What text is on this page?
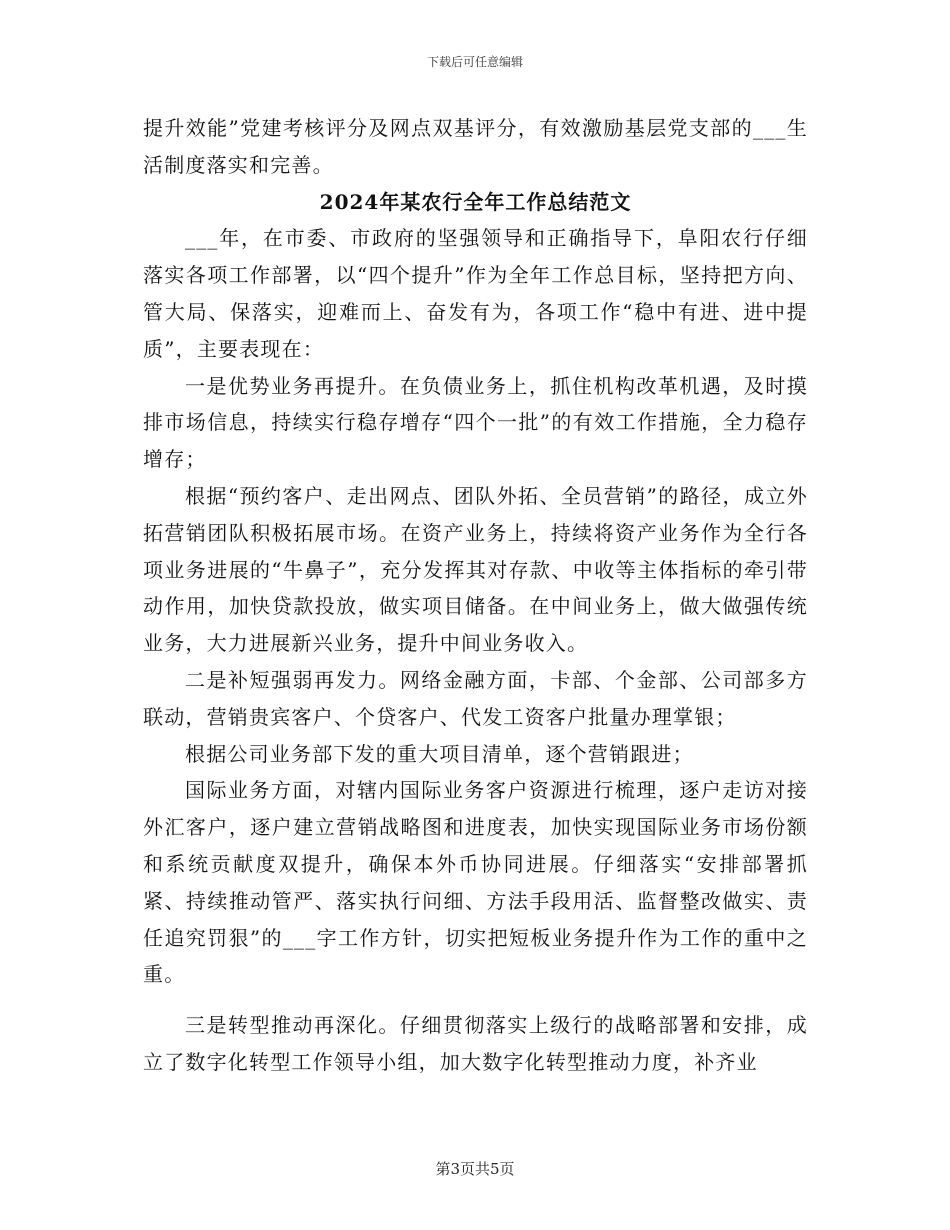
下载后可任意编辑

提升效能”党建考核评分及网点双基评分，有效激励基层党支部的___生活制度落实和完善。

2024年某农行全年工作总结范文

___年，在市委、市政府的坚强领导和正确指导下，阜阳农行仔细落实各项工作部署，以“四个提升”作为全年工作总目标，坚持把方向、管大局、保落实，迎难而上、奋发有为，各项工作“稳中有进、进中提质”，主要表现在：

一是优势业务再提升。在负债业务上，抓住机构改革机遇，及时摸排市场信息，持续实行稳存增存“四个一批”的有效工作措施，全力稳存增存；

根据“预约客户、走出网点、团队外拓、全员营销”的路径，成立外拓营销团队积极拓展市场。在资产业务上，持续将资产业务作为全行各项业务进展的“牛鼻子”，充分发挥其对存款、中收等主体指标的牵引带动作用，加快贷款投放，做实项目储备。在中间业务上，做大做强传统业务，大力进展新兴业务，提升中间业务收入。

二是补短强弱再发力。网络金融方面，卡部、个金部、公司部多方联动，营销贵宾客户、个贷客户、代发工资客户批量办理掌银；

根据公司业务部下发的重大项目清单，逐个营销跟进；

国际业务方面，对辖内国际业务客户资源进行梳理，逐户走访对接外汇客户，逐户建立营销战略图和进度表，加快实现国际业务市场份额和系统贡献度双提升，确保本外币协同进展。仔细落实“安排部署抓紧、持续推动管严、落实执行问细、方法手段用活、监督整改做实、责任追究罚狠”的___字工作方针，切实把短板业务提升作为工作的重中之重。

三是转型推动再深化。仔细贯彻落实上级行的战略部署和安排，成立了数字化转型工作领导小组，加大数字化转型推动力度，补齐业

第3页共5页
